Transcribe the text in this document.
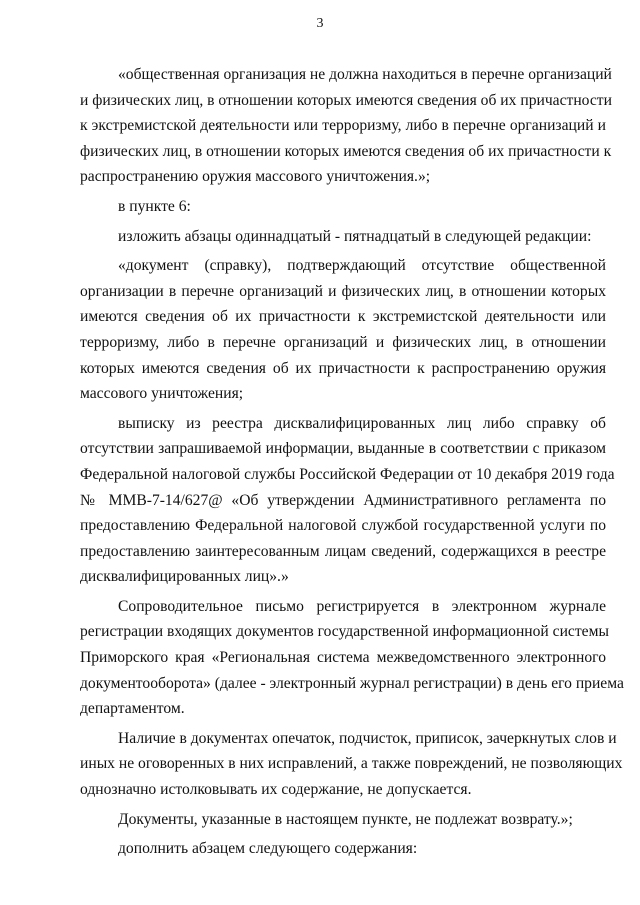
3
«общественная организация не должна находиться в перечне организаций
и физических лиц, в отношении которых имеются сведения об их причастности
к экстремистской деятельности или терроризму, либо в перечне организаций и
физических лиц, в отношении которых имеются сведения об их причастности к
распространению оружия массового уничтожения.»;
в пункте 6:
изложить абзацы одиннадцатый - пятнадцатый в следующей редакции:
«документ (справку), подтверждающий отсутствие общественной
организации в перечне организаций и физических лиц, в отношении которых
имеются сведения об их причастности к экстремистской деятельности или
терроризму, либо в перечне организаций и физических лиц, в отношении
которых имеются сведения об их причастности к распространению оружия
массового уничтожения;
выписку из реестра дисквалифицированных лиц либо справку об
отсутствии запрашиваемой информации, выданные в соответствии с приказом
Федеральной налоговой службы Российской Федерации от 10 декабря 2019 года
№ ММВ-7-14/627@ «Об утверждении Административного регламента по
предоставлению Федеральной налоговой службой государственной услуги по
предоставлению заинтересованным лицам сведений, содержащихся в реестре
дисквалифицированных лиц».»
Сопроводительное письмо регистрируется в электронном журнале
регистрации входящих документов государственной информационной системы
Приморского края «Региональная система межведомственного электронного
документооборота» (далее - электронный журнал регистрации) в день его приема
департаментом.
Наличие в документах опечаток, подчисток, приписок, зачеркнутых слов и
иных не оговоренных в них исправлений, а также повреждений, не позволяющих
однозначно истолковывать их содержание, не допускается.
Документы, указанные в настоящем пункте, не подлежат возврату.»;
дополнить абзацем следующего содержания:
